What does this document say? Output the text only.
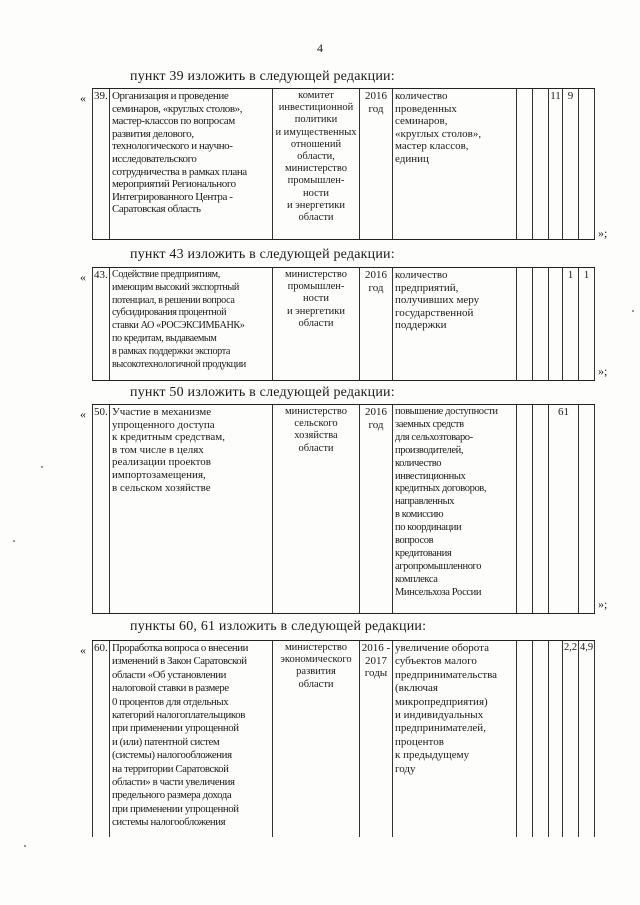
4
пункт 39 изложить в следующей редакции:
« 39. Организация и проведение
семинаров, «круглых столов»,
мастер-классов по вопросам
развития делового,
технологического и научно-
исследовательского
сотрудничества в рамках плана
мероприятий Регионального
Интегрированного Центра -
Саратовская область
комитет
инвестиционной
политики
и имущественных
отношений
области,
министерство
промышлен-
ности
и энергетики
области
2016
год
количество
проведенных
семинаров,
«круглых столов»,
мастер классов,
единиц
11 9
»;
пункт 43 изложить в следующей редакции:
« 43. Содействие предприятиям,
имеющим высокий экспортный
потенциал, в решении вопроса
субсидирования процентной
ставки АО «РОСЭКСИМБАНК»
по кредитам, выдаваемым
в рамках поддержки экспорта
высокотехнологичной продукции
министерство
промышлен-
ности
и энергетики
области
2016
год
количество
предприятий,
получивших меру
государственной
поддержки
1 1
»;
пункт 50 изложить в следующей редакции:
« 50. Участие в механизме
упрощенного доступа
к кредитным средствам,
в том числе в целях
реализации проектов
импортозамещения,
в сельском хозяйстве
министерство
сельского
хозяйства
области
2016
год
повышение доступности
заемных средств
для сельхозтоваро-
производителей,
количество
инвестиционных
кредитных договоров,
направленных
в комиссию
по координации
вопросов
кредитования
агропромышленного
комплекса
Минсельхоза России
61
»;
пункты 60, 61 изложить в следующей редакции:
« 60. Проработка вопроса о внесении
изменений в Закон Саратовской
области «Об установлении
налоговой ставки в размере
0 процентов для отдельных
категорий налогоплательщиков
при применении упрощенной
и (или) патентной систем
(системы) налогообложения
на территории Саратовской
области» в части увеличения
предельного размера дохода
при применении упрощенной
системы налогообложения
министерство
экономического
развития
области
2016 -
2017
годы
увеличение оборота
субъектов малого
предпринимательства
(включая
микропредприятия)
и индивидуальных
предпринимателей,
процентов
к предыдущему
году
2,2 4,9
